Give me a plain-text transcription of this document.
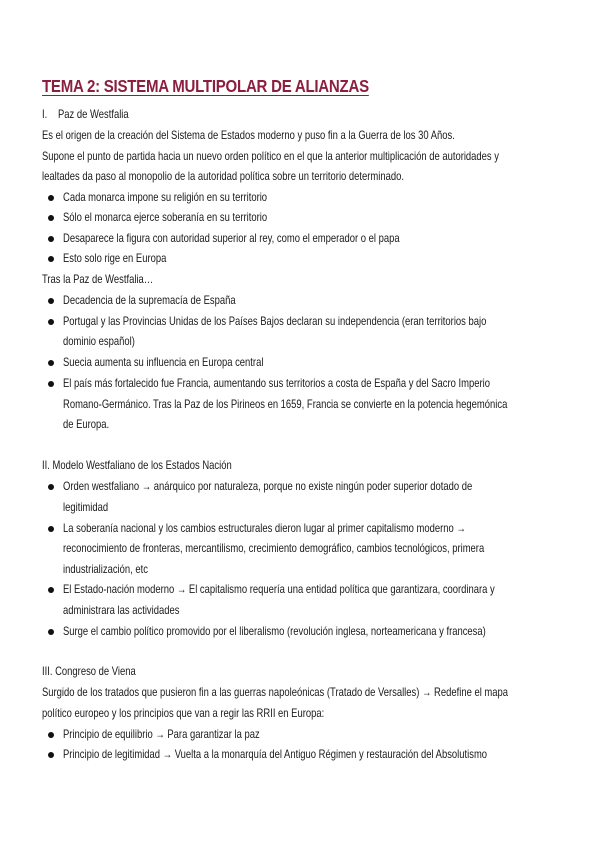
TEMA 2: SISTEMA MULTIPOLAR DE ALIANZAS
I. Paz de Westfalia
Es el origen de la creación del Sistema de Estados moderno y puso fin a la Guerra de los 30 Años.
Supone el punto de partida hacia un nuevo orden político en el que la anterior multiplicación de autoridades y
lealtades da paso al monopolio de la autoridad política sobre un territorio determinado.
Cada monarca impone su religión en su territorio
Sólo el monarca ejerce soberanía en su territorio
Desaparece la figura con autoridad superior al rey, como el emperador o el papa
Esto solo rige en Europa
Tras la Paz de Westfalia…
Decadencia de la supremacía de España
Portugal y las Provincias Unidas de los Países Bajos declaran su independencia (eran territorios bajo
dominio español)
Suecia aumenta su influencia en Europa central
El país más fortalecido fue Francia, aumentando sus territorios a costa de España y del Sacro Imperio
Romano-Germánico. Tras la Paz de los Pirineos en 1659, Francia se convierte en la potencia hegemónica
de Europa.
II. Modelo Westfaliano de los Estados Nación
Orden westfaliano → anárquico por naturaleza, porque no existe ningún poder superior dotado de
legitimidad
La soberanía nacional y los cambios estructurales dieron lugar al primer capitalismo moderno →
reconocimiento de fronteras, mercantilismo, crecimiento demográfico, cambios tecnológicos, primera
industrialización, etc
El Estado-nación moderno → El capitalismo requería una entidad política que garantizara, coordinara y
administrara las actividades
Surge el cambio político promovido por el liberalismo (revolución inglesa, norteamericana y francesa)
III. Congreso de Viena
Surgido de los tratados que pusieron fin a las guerras napoleónicas (Tratado de Versalles) → Redefine el mapa
político europeo y los principios que van a regir las RRII en Europa:
Principio de equilibrio → Para garantizar la paz
Principio de legitimidad → Vuelta a la monarquía del Antiguo Régimen y restauración del Absolutismo
